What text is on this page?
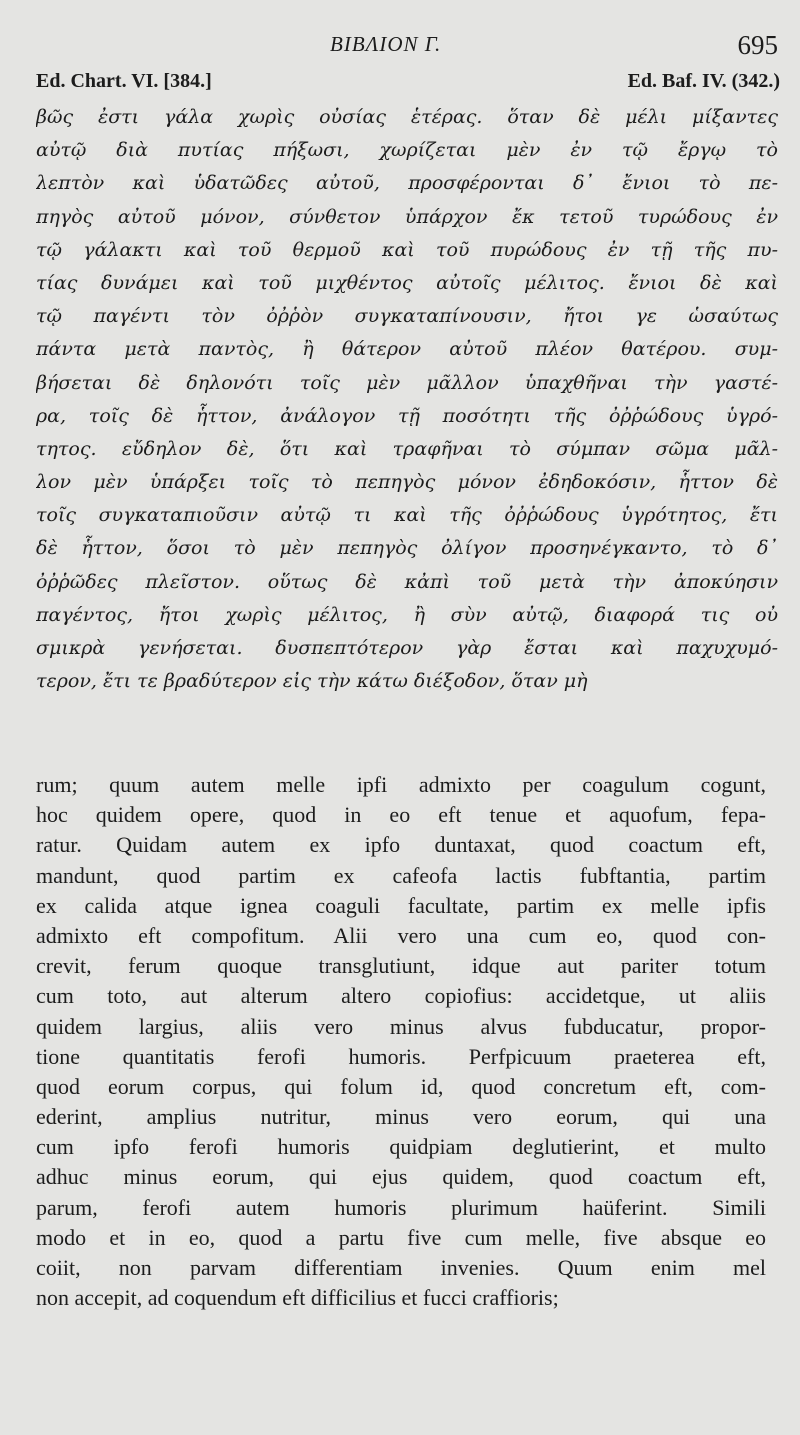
ΒΙΒΛΙΟΝ Γ.	695
Ed. Chart. VI. [384.]	Ed. Baf. IV. (342.)
βῶς ἐστι γάλα χωρὶς οὐσίας ἑτέρας. ὅταν δὲ μέλι μίξαντες
αὐτῷ διὰ πυτίας πήξωσι, χωρίζεται μὲν ἐν τῷ ἔργῳ τὸ
λεπτὸν καὶ ὑδατῶδες αὐτοῦ, προσφέρονται δ᾽ ἔνιοι τὸ πε-
πηγὸς αὐτοῦ μόνον, σύνθετον ὑπάρχον ἔκ τετοῦ τυρώδους ἐν
τῷ γάλακτι καὶ τοῦ θερμοῦ καὶ τοῦ πυρώδους ἐν τῇ τῆς πυ-
τίας δυνάμει καὶ τοῦ μιχθέντος αὐτοῖς μέλιτος. ἔνιοι δὲ καὶ
τῷ παγέντι τὸν ὀῤῥὸν συγκαταπίνουσιν, ἤτοι γε ὡσαύτως
πάντα μετὰ παντὸς, ἢ θάτερον αὐτοῦ πλέον θατέρου. συμ-
βήσεται δὲ δηλονότι τοῖς μὲν μᾶλλον ὑπαχθῆναι τὴν γαστέ-
ρα, τοῖς δὲ ἧττον, ἀνάλογον τῇ ποσότητι τῆς ὀῤῥώδους ὑγρό-
τητος. εὔδηλον δὲ, ὅτι καὶ τραφῆναι τὸ σύμπαν σῶμα μᾶλ-
λον μὲν ὑπάρξει τοῖς τὸ πεπηγὸς μόνον ἐδηδοκόσιν, ἧττον δὲ
τοῖς συγκαταπιοῦσιν αὐτῷ τι καὶ τῆς ὀῤῥώδους ὑγρότητος, ἔτι
δὲ ἧττον, ὅσοι τὸ μὲν πεπηγὸς ὀλίγον προσηνέγκαντο, τὸ δ᾽
ὀῤῥῶδες πλεῖστον. οὕτως δὲ κἀπὶ τοῦ μετὰ τὴν ἀποκύησιν
παγέντος, ἤτοι χωρὶς μέλιτος, ἢ σὺν αὐτῷ, διαφορά τις οὐ
σμικρὰ γενήσεται. δυσπεπτότερον γὰρ ἔσται καὶ παχυχυμό-
τερον, ἔτι τε βραδύτερον εἰς τὴν κάτω διέξοδον, ὅταν μὴ
rum; quum autem melle ipfi admixto per coagulum cogunt,
hoc quidem opere, quod in eo eft tenue et aquofum, fepa-
ratur. Quidam autem ex ipfo duntaxat, quod coactum eft,
mandunt, quod partim ex cafeofa lactis fubftantia, partim
ex calida atque ignea coaguli facultate, partim ex melle ipfis
admixto eft compofitum. Alii vero una cum eo, quod con-
crevit, ferum quoque transglutiunt, idque aut pariter totum
cum toto, aut alterum altero copiofius: accidetque, ut aliis
quidem largius, aliis vero minus alvus fubducatur, propor-
tione quantitatis ferofi humoris. Perfpicuum praeterea eft,
quod eorum corpus, qui folum id, quod concretum eft, com-
ederint, amplius nutritur, minus vero eorum, qui una
cum ipfo ferofi humoris quidpiam deglutierint, et multo
adhuc minus eorum, qui ejus quidem, quod coactum eft,
parum, ferofi autem humoris plurimum haüferint. Simili
modo et in eo, quod a partu five cum melle, five absque eo
coiit, non parvam differentiam invenies. Quum enim mel
non accepit, ad coquendum eft difficilius et fucci craffioris;
